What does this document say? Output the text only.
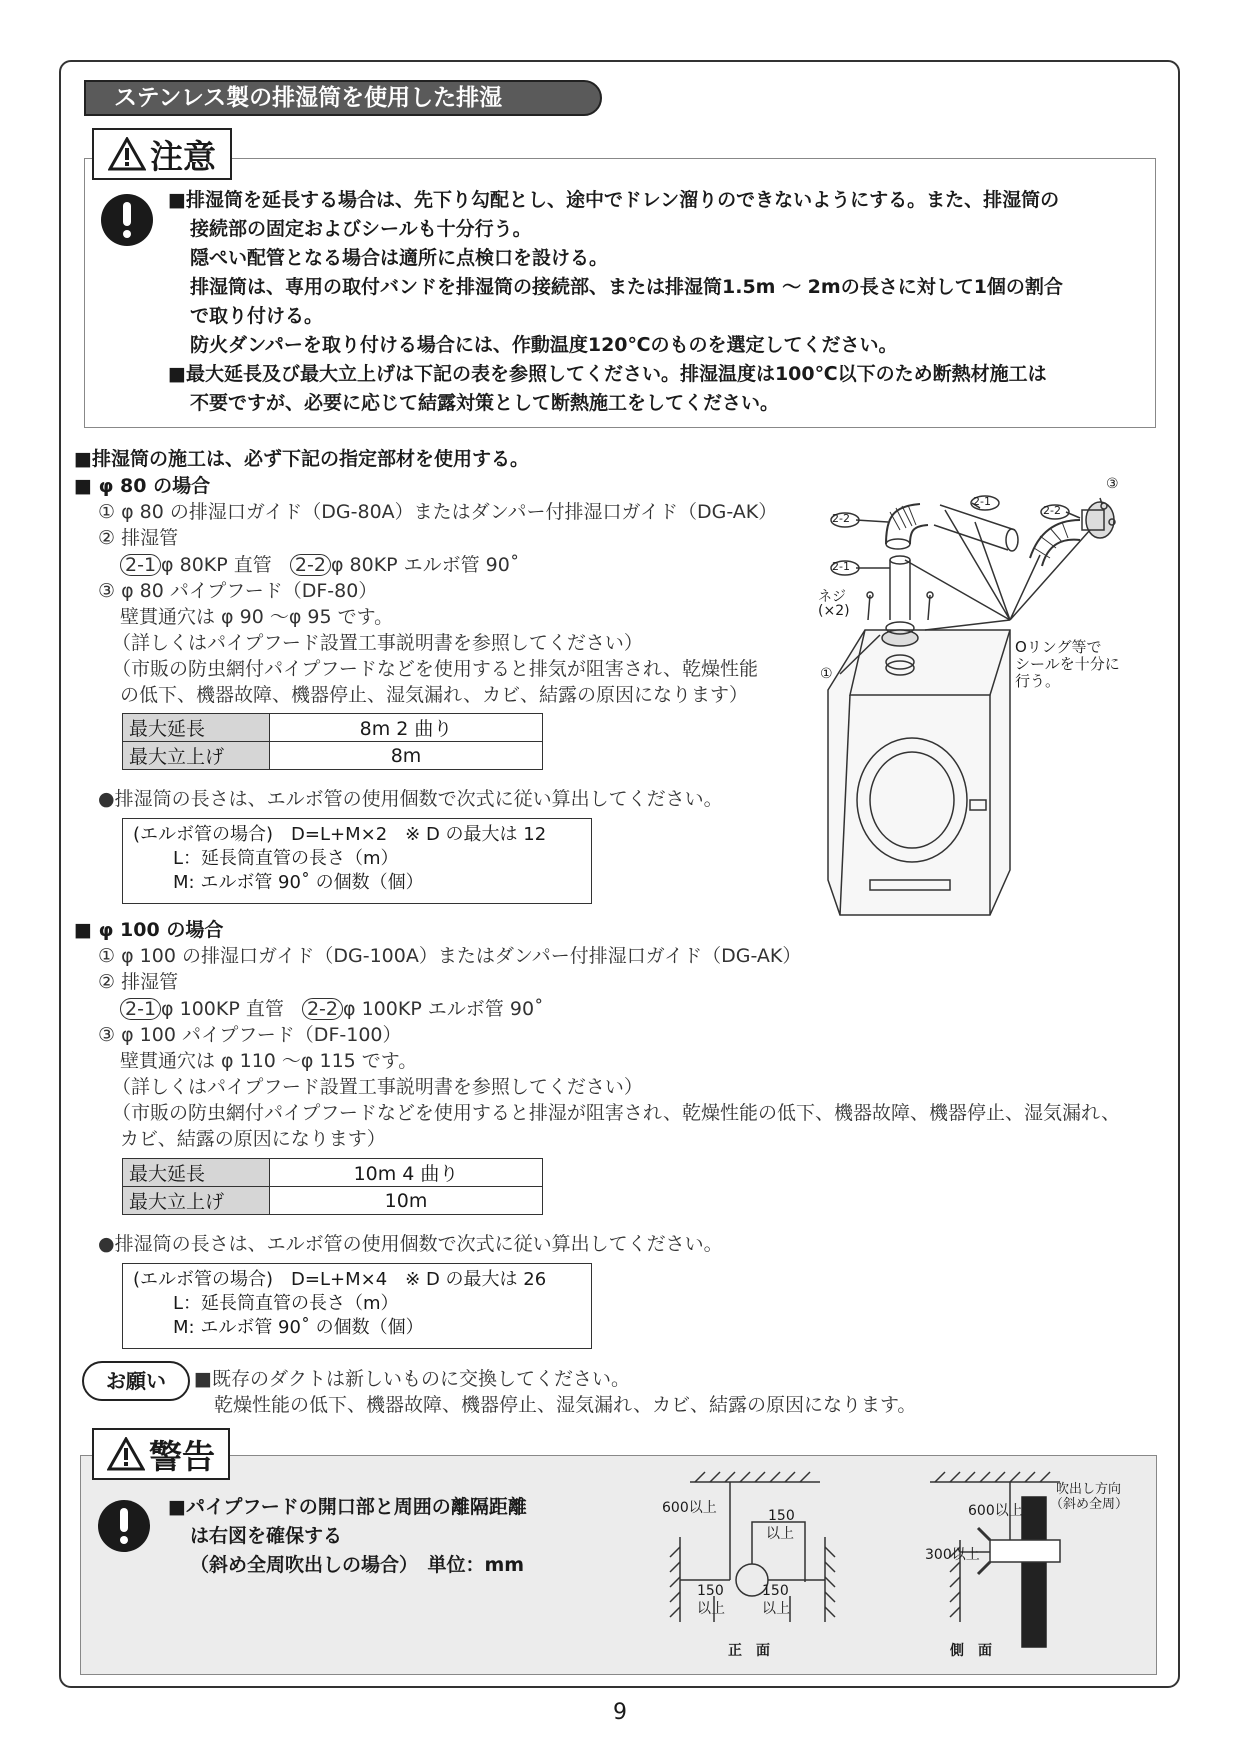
ステンレス製の排湿筒を使用した排湿
注意
■排湿筒を延長する場合は、先下り勾配とし、途中でドレン溜りのできないようにする。また、排湿筒の
接続部の固定およびシールも十分行う。
隠ぺい配管となる場合は適所に点検口を設ける。
排湿筒は、専用の取付バンドを排湿筒の接続部、または排湿筒1.5m ～ 2mの長さに対して1個の割合
で取り付ける。
防火ダンパーを取り付ける場合には、作動温度120℃のものを選定してください。
■最大延長及び最大立上げは下記の表を参照してください。排湿温度は100℃以下のため断熱材施工は
不要ですが、必要に応じて結露対策として断熱施工をしてください。
■排湿筒の施工は、必ず下記の指定部材を使用する。
■ φ 80 の場合
① φ 80 の排湿口ガイド（DG-80A）またはダンパー付排湿口ガイド（DG-AK）
② 排湿管
2-1 φ 80KP 直管 2-2 φ 80KP エルボ管 90˚
③ φ 80 パイプフード（DF-80）
壁貫通穴は φ 90 ～φ 95 です。
（詳しくはパイプフード設置工事説明書を参照してください）
（市販の防虫網付パイプフードなどを使用すると排気が阻害され、乾燥性能
の低下、機器故障、機器停止、湿気漏れ、カビ、結露の原因になります）
最大延長	8m 2 曲り
最大立上げ	8m
●排湿筒の長さは、エルボ管の使用個数で次式に従い算出してください。
(エルボ管の場合)　D=L+M×2　※ D の最大は 12
L：延長筒直管の長さ（m）
M: エルボ管 90˚ の個数（個）
③
2-2
2-1
2-2
2-1
ネジ
(×2)
①
Oリング等で
シールを十分に
行う。
■ φ 100 の場合
① φ 100 の排湿口ガイド（DG-100A）またはダンパー付排湿口ガイド（DG-AK）
② 排湿管
2-1 φ 100KP 直管 2-2 φ 100KP エルボ管 90˚
③ φ 100 パイプフード（DF-100）
壁貫通穴は φ 110 ～φ 115 です。
（詳しくはパイプフード設置工事説明書を参照してください）
（市販の防虫網付パイプフードなどを使用すると排湿が阻害され、乾燥性能の低下、機器故障、機器停止、湿気漏れ、
カビ、結露の原因になります）
最大延長	10m 4 曲り
最大立上げ	10m
●排湿筒の長さは、エルボ管の使用個数で次式に従い算出してください。
(エルボ管の場合)　D=L+M×4　※ D の最大は 26
L：延長筒直管の長さ（m）
M: エルボ管 90˚ の個数（個）
お願い	■既存のダクトは新しいものに交換してください。
乾燥性能の低下、機器故障、機器停止、湿気漏れ、カビ、結露の原因になります。
警告
■パイプフードの開口部と周囲の離隔距離
は右図を確保する
（斜め全周吹出しの場合）　単位：mm
600以上	150
以上
150
以上
150
以上
正　面
600以上
300以上
吹出し方向
（斜め全周）
側　面
9
